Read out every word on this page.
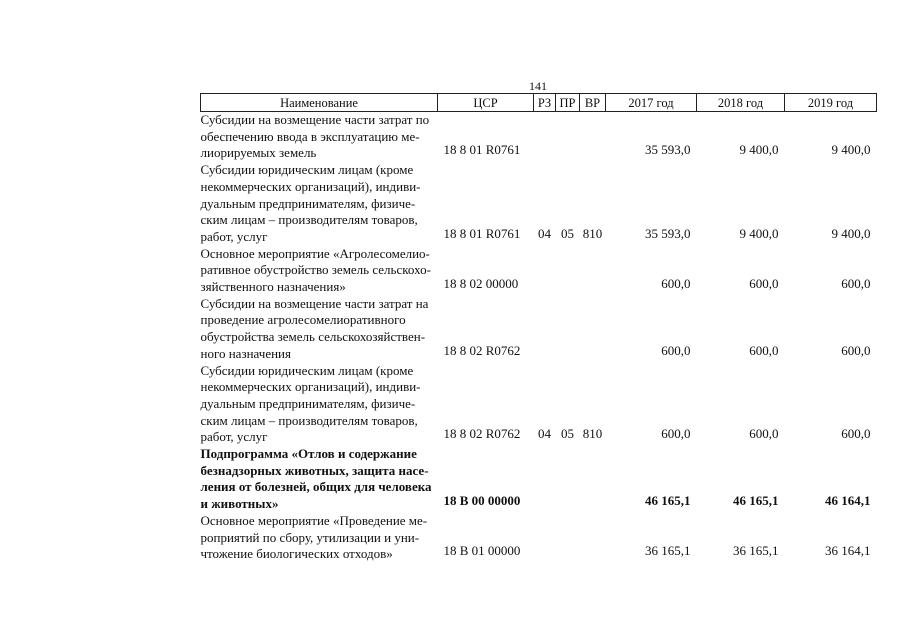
141
Наименование	ЦСР	РЗ	ПР	ВР	2017 год	2018 год	2019 год

Субсидии на возмещение части затрат по
обеспечению ввода в эксплуатацию ме-
лиорируемых земель	18 8 01 R0761				35 593,0	9 400,0	9 400,0

Субсидии юридическим лицам (кроме
некоммерческих организаций), индиви-
дуальным предпринимателям, физиче-
ским лицам – производителям товаров,
работ, услуг	18 8 01 R0761	04	05	810	35 593,0	9 400,0	9 400,0

Основное мероприятие «Агролесомелио-
ративное обустройство земель сельскохо-
зяйственного назначения»	18 8 02 00000				600,0	600,0	600,0

Субсидии на возмещение части затрат на
проведение агролесомелиоративного
обустройства земель сельскохозяйствен-
ного назначения	18 8 02 R0762				600,0	600,0	600,0

Субсидии юридическим лицам (кроме
некоммерческих организаций), индиви-
дуальным предпринимателям, физиче-
ским лицам – производителям товаров,
работ, услуг	18 8 02 R0762	04	05	810	600,0	600,0	600,0

Подпрограмма «Отлов и содержание
безнадзорных животных, защита насе-
ления от болезней, общих для человека
и животных»	18 В 00 00000				46 165,1	46 165,1	46 164,1

Основное мероприятие «Проведение ме-
роприятий по сбору, утилизации и уни-
чтожение биологических отходов»	18 В 01 00000				36 165,1	36 165,1	36 164,1
